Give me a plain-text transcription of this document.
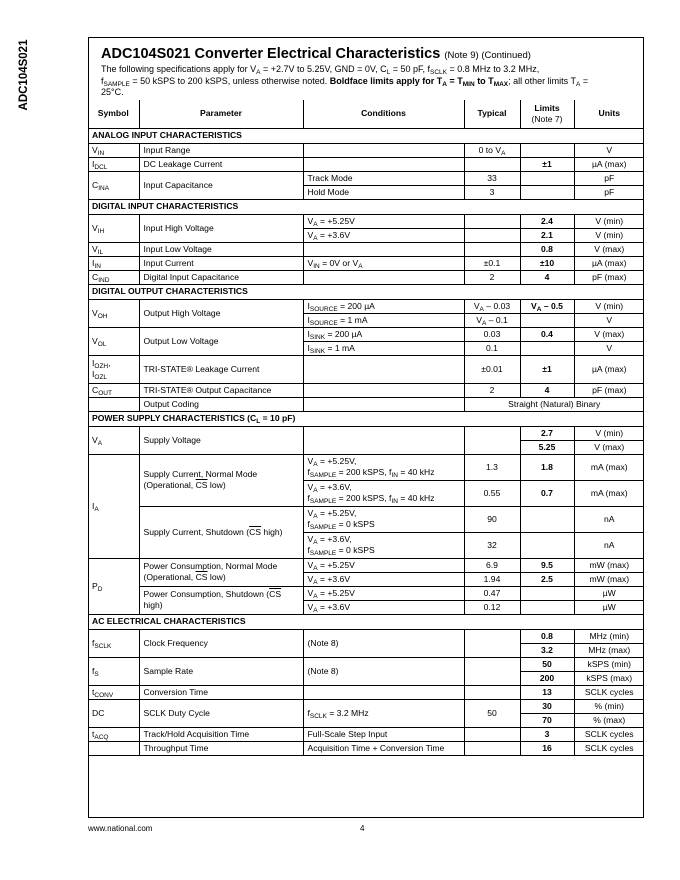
ADC104S021	ADC104S021 Converter Electrical Characteristics (Note 9) (Continued)
The following specifications apply for $V_A = +2.7V$ to 5.25V, GND = 0V, $C_L = 50$ pF, $f_{SCLK} = 0.8$ MHz to 3.2 MHz,
$f_{SAMPLE} = 50$ kSPS to 200 kSPS, unless otherwise noted. Boldface limits apply for $T_A = T_{MIN}$ to $T_{MAX}$; all other limits $T_A$ =
25°C.
Symbol	Parameter	Conditions	Typical	Limits
(Note 7)	Units
ANALOG INPUT CHARACTERISTICS					
$V_{IN}$	Input Range		0 to $V_A$		V
$I_{DCL}$	DC Leakage Current			±1	µA (max)
$C_{INA}$	Input Capacitance	Track Mode	33		pF
		Hold Mode	3		pF
DIGITAL INPUT CHARACTERISTICS					
$V_{IH}$	Input High Voltage	$V_A = +5.25V$		2.4	V (min)
		$V_A = +3.6V$		2.1	V (min)
$V_{IL}$	Input Low Voltage			0.8	V (max)
$I_{IN}$	Input Current	$V_{IN} = 0V$ or $V_A$	±0.1	±10	µA (max)
$C_{IND}$	Digital Input Capacitance		2	4	pF (max)
DIGITAL OUTPUT CHARACTERISTICS					
$V_{OH}$	Output High Voltage	$I_{SOURCE} = 200$ µA	$V_A - 0.03$	$V_A - 0.5$	V (min)
		$I_{SOURCE} = 1$ mA	$V_A - 0.1$		V
$V_{OL}$	Output Low Voltage	$I_{SINK} = 200$ µA	0.03	0.4	V (max)
		$I_{SINK} = 1$ mA	0.1		V
$I_{OZH}$,
$I_{OZL}$	TRI-STATE® Leakage Current		±0.01	±1	µA (max)
$C_{OUT}$	TRI-STATE® Output Capacitance		2	4	pF (max)
	Output Coding		Straight (Natural) Binary		
POWER SUPPLY CHARACTERISTICS ($C_L = 10$ pF)					
$V_A$	Supply Voltage			2.7	V (min)
				5.25	V (max)
$I_A$	Supply Current, Normal Mode
(Operational, $\overline{CS}$ low)	$V_A = +5.25V$,
$f_{SAMPLE} = 200$ kSPS, $f_{IN} = 40$ kHz	1.3	1.8	mA (max)
		$V_A = +3.6V$,
$f_{SAMPLE} = 200$ kSPS, $f_{IN} = 40$ kHz	0.55	0.7	mA (max)
	Supply Current, Shutdown ($\overline{CS}$ high)	$V_A = +5.25V$,
$f_{SAMPLE} = 0$ kSPS	90		nA
		$V_A = +3.6V$,
$f_{SAMPLE} = 0$ kSPS	32		nA
$P_D$	Power Consumption, Normal Mode
(Operational, $\overline{CS}$ low)	$V_A = +5.25V$	6.9	9.5	mW (max)
		$V_A = +3.6V$	1.94	2.5	mW (max)
	Power Consumption, Shutdown ($\overline{CS}$
high)	$V_A = +5.25V$	0.47		µW
		$V_A = +3.6V$	0.12		µW
AC ELECTRICAL CHARACTERISTICS					
$f_{SCLK}$	Clock Frequency	(Note 8)		0.8	MHz (min)
				3.2	MHz (max)
$f_S$	Sample Rate	(Note 8)		50	kSPS (min)
				200	kSPS (max)
$t_{CONV}$	Conversion Time			13	SCLK cycles
DC	SCLK Duty Cycle	$f_{SCLK} = 3.2$ MHz	50	30	% (min)
				70	% (max)
$t_{ACQ}$	Track/Hold Acquisition Time	Full-Scale Step Input		3	SCLK cycles
	Throughput Time	Acquisition Time + Conversion Time		16	SCLK cycles
www.national.com	4
